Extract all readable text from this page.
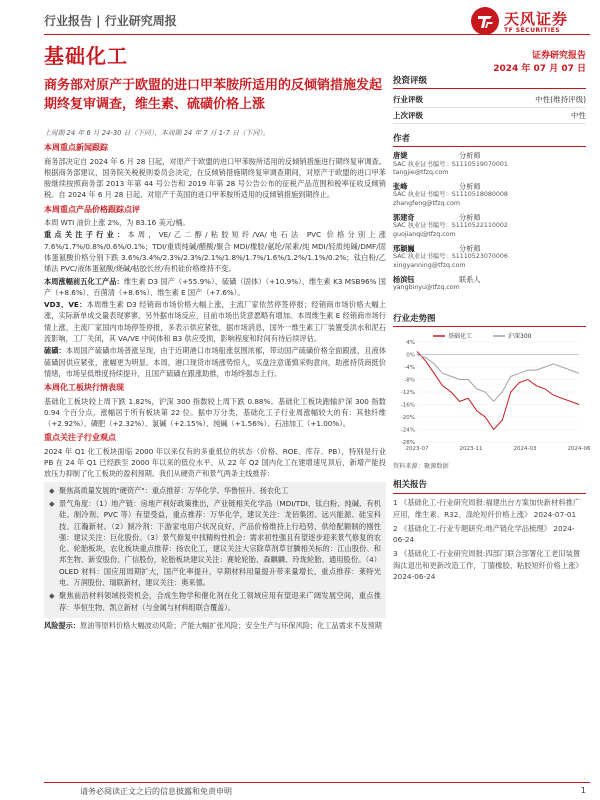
行业报告 | 行业研究周报	天风证券
TF SECURITIES
基础化工	证券研究报告
2024 年 07 月 07 日
商务部对原产于欧盟的进口甲苯胺所适用的反倾销措施发起期终复审调查，维生素、硫磺价格上涨

上周期 24 年 6 月 24-30 日（下同），本周期 24 年 7 月 1-7 日（下同）。

本周重点新闻跟踪

商务部决定自 2024 年 6 月 28 日起，对原产于欧盟的进口甲苯胺所适用的反倾销措施进行期终复审调查。根据商务部建议，国务院关税税则委员会决定，在反倾销措施期终复审调查期间，对原产于欧盟的进口甲苯胺继续按照商务部 2013 年第 44 号公告和 2019 年第 28 号公告公布的征税产品范围和税率征收反倾销税。自 2024 年 6 月 28 日起，对原产于英国的进口甲苯胺所适用的反倾销措施到期终止。

本周重点产品价格跟踪点评

本周 WTI 油价上涨 2%，为 83.16 美元/桶。

重点关注子行业：本周，VE/乙二醇/粘胶短纤/VA/电石法 PVC 价格分别上涨 7.6%/1.7%/0.8%/0.6%/0.1%；TDI/重质纯碱/醋酸/聚合 MDI/橡胶/氨纶/尿素/纯 MDI/轻质纯碱/DMF/固体蛋氨酸价格分别下跌 3.6%/3.4%/2.3%/2.3%/2.1%/1.8%/1.7%/1.6%/1.2%/1.1%/0.2%；钛白粉/乙烯法 PVC/液体蛋氨酸/烧碱/粘胶长丝/有机硅价格维持不变。

本周涨幅前五化工产品：维生素 D3 国产（+55.9%）、硫磺（固体）（+10.9%）、维生素 K3 MSB96% 国产（+8.6%）、百菌清（+8.6%）、维生素 E 国产（+7.6%）。

VD3、VE：本周维生素 D3 经销商市场价格大幅上涨，主流厂家依然停签停报；经销商市场价格大幅上涨，实际新单成交量表现寥寥，另外据市场反应，目前市场出货意愿略有增加。本周维生素 E 经销商市场行情上涨，主流厂家国内市场停签停报，多表示供应紧张，据市场消息，国外一维生素工厂装置受洪水和泥石流影响，工厂关闭，其 VA/VE 中间体和 B3 供应受损，影响程度和时间有待后续评估。

硫磺：本周国产硫磺市场普涨呈现，由于近期港口市场船涨氛围浓郁，带动国产硫磺价格全面跟涨，且液体硫磺因供应紧张，涨幅更为明显。本周，港口现货市场涨势惊人，买盘注意谨慎采购意向，助涨持货商挺价情绪，市场呈低维度持续提升，且国产硫磺在跟涨助推，市场终强态上行。

本周化工板块行情表现

基础化工板块较上周下跌 1.82%，沪深 300 指数较上周下跌 0.88%。基础化工板块跑输沪深 300 指数 0.94 个百分点，涨幅居于所有板块第 22 位。据申万分类，基础化工子行业周涨幅较大的有：其他纤维（+2.92%）、磷肥（+2.32%）、氯碱（+2.15%）、纯碱（+1.56%）、石油加工（+1.00%）。

重点关注子行业观点

2024 年 Q1 化工板块面临 2000 年以来仅有的多重低位的状态（价格、ROE、库存、PB），特别是行业 PB 在 24 年 Q1 已经跌至 2000 年以来的低位水平。从 22 年 Q2 国内化工在建增速见顶后，新增产能投放压力抑制了化工板块的盈利预期。我们从硬资产和景气两条主线推荐：

◆ 聚焦高质量发展的"硬资产"：重点推荐：万华化学、华鲁恒升、扬农化工

◆ 景气角度：（1）地产链：房地产利好政策推出，产业链相关化学品（MDI/TDI、钛白粉、纯碱、有机硅、制冷剂、PVC 等）有望受益，重点推荐：万华化学，建议关注：龙佰集团、远兴能源、硅宝科技、江瀚新材。（2）制冷剂：下游家电用户状况良好，产品价格维持上行趋势，供给配额制的刚性强：建议关注：巨化股份。（3）景气修复中找精构性机会：需求初性强且有望逐步迎来景气修复的农化、轮胎板块，农化板块重点推荐：扬农化工，建议关注大宗除草剂草甘膦相关标的：江山股份、和邦生物、新安股份、广信股份，轮胎板块建议关注：赛轮轮胎、森麒麟、玲珑轮胎、通用股份。（4）OLED 材料：国应用周期扩大，国产化率提升，早期材料用量提升带来量增长，重点推荐：莱特光电、万润股份、瑞联新材，建议关注：奥来德。

◆ 聚焦前沿材料领域投资机会，合成生物学和催化剂在化工领域应用有望迎来广阔发展空间，重点推荐：华恒生物、凯立新材（与金属与材料组联合覆盖）。

风险提示：原油等原料价格大幅波动风险；产能大幅扩张风险；安全生产与环保风险；化工品需求不及预期

投资评级
行业评级	中性(维持评级)
上次评级	中性
作者
唐婕	分析师
SAC 执业证书编号：S1110519070001
tangjie@tfzq.com
张峰	分析师
SAC 执业证书编号：S1110518080008
zhangfeng@tfzq.com
郭建奇	分析师
SAC 执业证书编号：S1110522110002
guojianqi@tfzq.com
邢颖巍	分析师
SAC 执业证书编号：S1110523070006
xingyanning@tfzq.com
杨滨钰	联系人
yangbinyu@tfzq.com
行业走势图
4%
0%
-4%
-8%
-12%
-16%
-20%
-24%
-28%
2023-07	2023-11	2024-03	2024-06
基础化工	沪深300
资料来源：聚源数据
相关报告

1 《基础化工-行业研究周报:福建出台方案加快新材料推广应用，维生素、R32、涤纶短纤价格上涨》 2024-07-01

2 《基础化工-行业专题研究:地产链化学品梳理》 2024-06-24

3 《基础化工-行业研究周报:四部门联合部署化工老旧装置淘汰退出和更新改造工作，丁腈橡胶、粘胶短纤价格上涨》 2024-06-24

请务必阅读正文之后的信息披露和免责申明	1
